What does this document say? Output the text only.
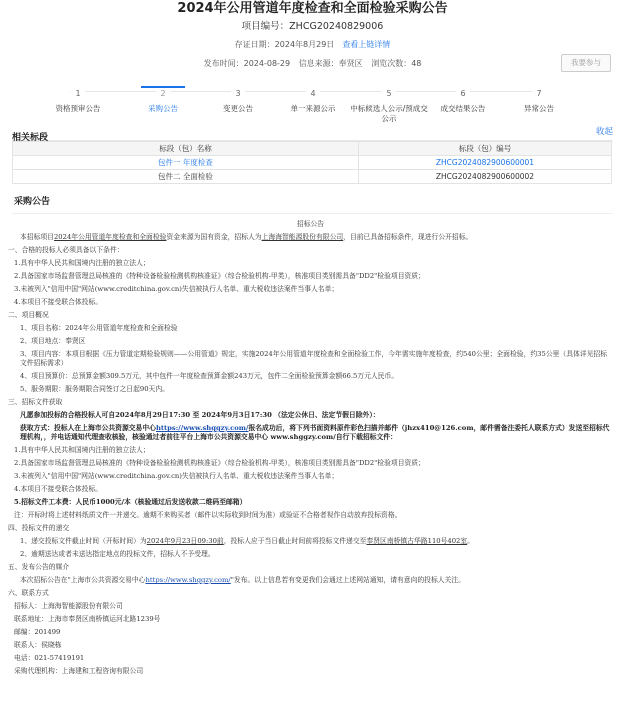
2024年公用管道年度检查和全面检验采购公告
项目编号：ZHCG20240829006
存证日期：2024年8月29日 查看上链详情
发布时间：2024-08-29 信息来源：奉贤区 浏览次数：48	我要参与
1
资格预审公告
2
采购公告
3
变更公告
4
单一来源公示
5
中标候选人公示/预成交公示
6
成交结果公告
7
异常公告
相关标段
收起
标段（包）名称	标段（包）编号
包件一 年度检查	ZHCG2024082900600001
包件二 全面检验	ZHCG2024082900600002
采购公告
招标公告

本招标项目2024年公用管道年度检查和全面检验资金来源为国有资金，招标人为上海海智能源股份有限公司，目前已具备招标条件，现进行公开招标。

一、合格的投标人必须具备以下条件：

1.具有中华人民共和国境内注册的独立法人；

2.具备国家市场监督管理总局核准的《特种设备检验检测机构核准证》（综合检验机构-甲类），核准项目类别需具备"DD2"检验项目资质；

3.未被列入"信用中国"网站(www.creditchina.gov.cn)失信被执行人名单、重大税收违法案件当事人名单；

4.本项目不接受联合体投标。

二、项目概况

1、项目名称：2024年公用管道年度检查和全面检验

2、项目地点：奉贤区

3、项目内容：本项目根据《压力管道定期检验规则——公用管道》规定，实施2024年公用管道年度检查和全面检验工作，今年需实施年度检查，约540公里；全面检验，约35公里（具体详见招标文件招标需求）

4、项目预算价：总预算金额309.5万元，其中包件一年度检查预算金额243万元，包件二全面检验预算金额66.5万元人民币。

5、服务期限：服务期限合同签订之日起90天内。

三、招标文件获取

凡愿参加投标的合格投标人可自2024年8月29日17:30 至 2024年9月3日17:30 （法定公休日、法定节假日除外）：

获取方式：投标人在上海市公共资源交易中心https://www.shggzy.com/报名成功后，将下列书面资料原件彩色扫描并邮件（jhzx410@126.com，邮件需备注委托人联系方式）发送至招标代理机构，，并电话通知代理查收核验，核验通过者前往平台上海市公共资源交易中心 www.shggzy.com/自行下载招标文件：

1.具有中华人民共和国境内注册的独立法人；

2.具备国家市场监督管理总局核准的《特种设备检验检测机构核准证》（综合检验机构-甲类），核准项目类别需具备"DD2"检验项目资质；

3.未被列入"信用中国"网站(www.creditchina.gov.cn)失信被执行人名单、重大税收违法案件当事人名单；

4.本项目不接受联合体投标。

5.招标文件工本费：人民币1000元/本（核验通过后发送收款二维码至邮箱）

注：开标时将上述材料纸质文件一并递交。逾期不来购买者（邮件以实际收到时间为准）或验证不合格者视作自动放弃投标资格。

四、投标文件的递交

1、递交投标文件截止时间（开标时间）为2024年9月23日09:30前，投标人应于当日截止时间前将投标文件递交至奉贤区南桥镇古华路110号402室。

2、逾期送达或者未送达指定地点的投标文件，招标人不予受理。

五、发布公告的媒介

本次招标公告在"上海市公共资源交易中心https://www.shggzy.com/"发布。以上信息若有变更我们会通过上述网站通知，请有意向的投标人关注。

六、联系方式

招标人：上海海智能源股份有限公司

联系地址：上海市奉贤区南桥镇运河北路1239号

邮编：201499

联系人：侯晓栋

电话：021-57419191

采购代理机构：上海建和工程咨询有限公司
